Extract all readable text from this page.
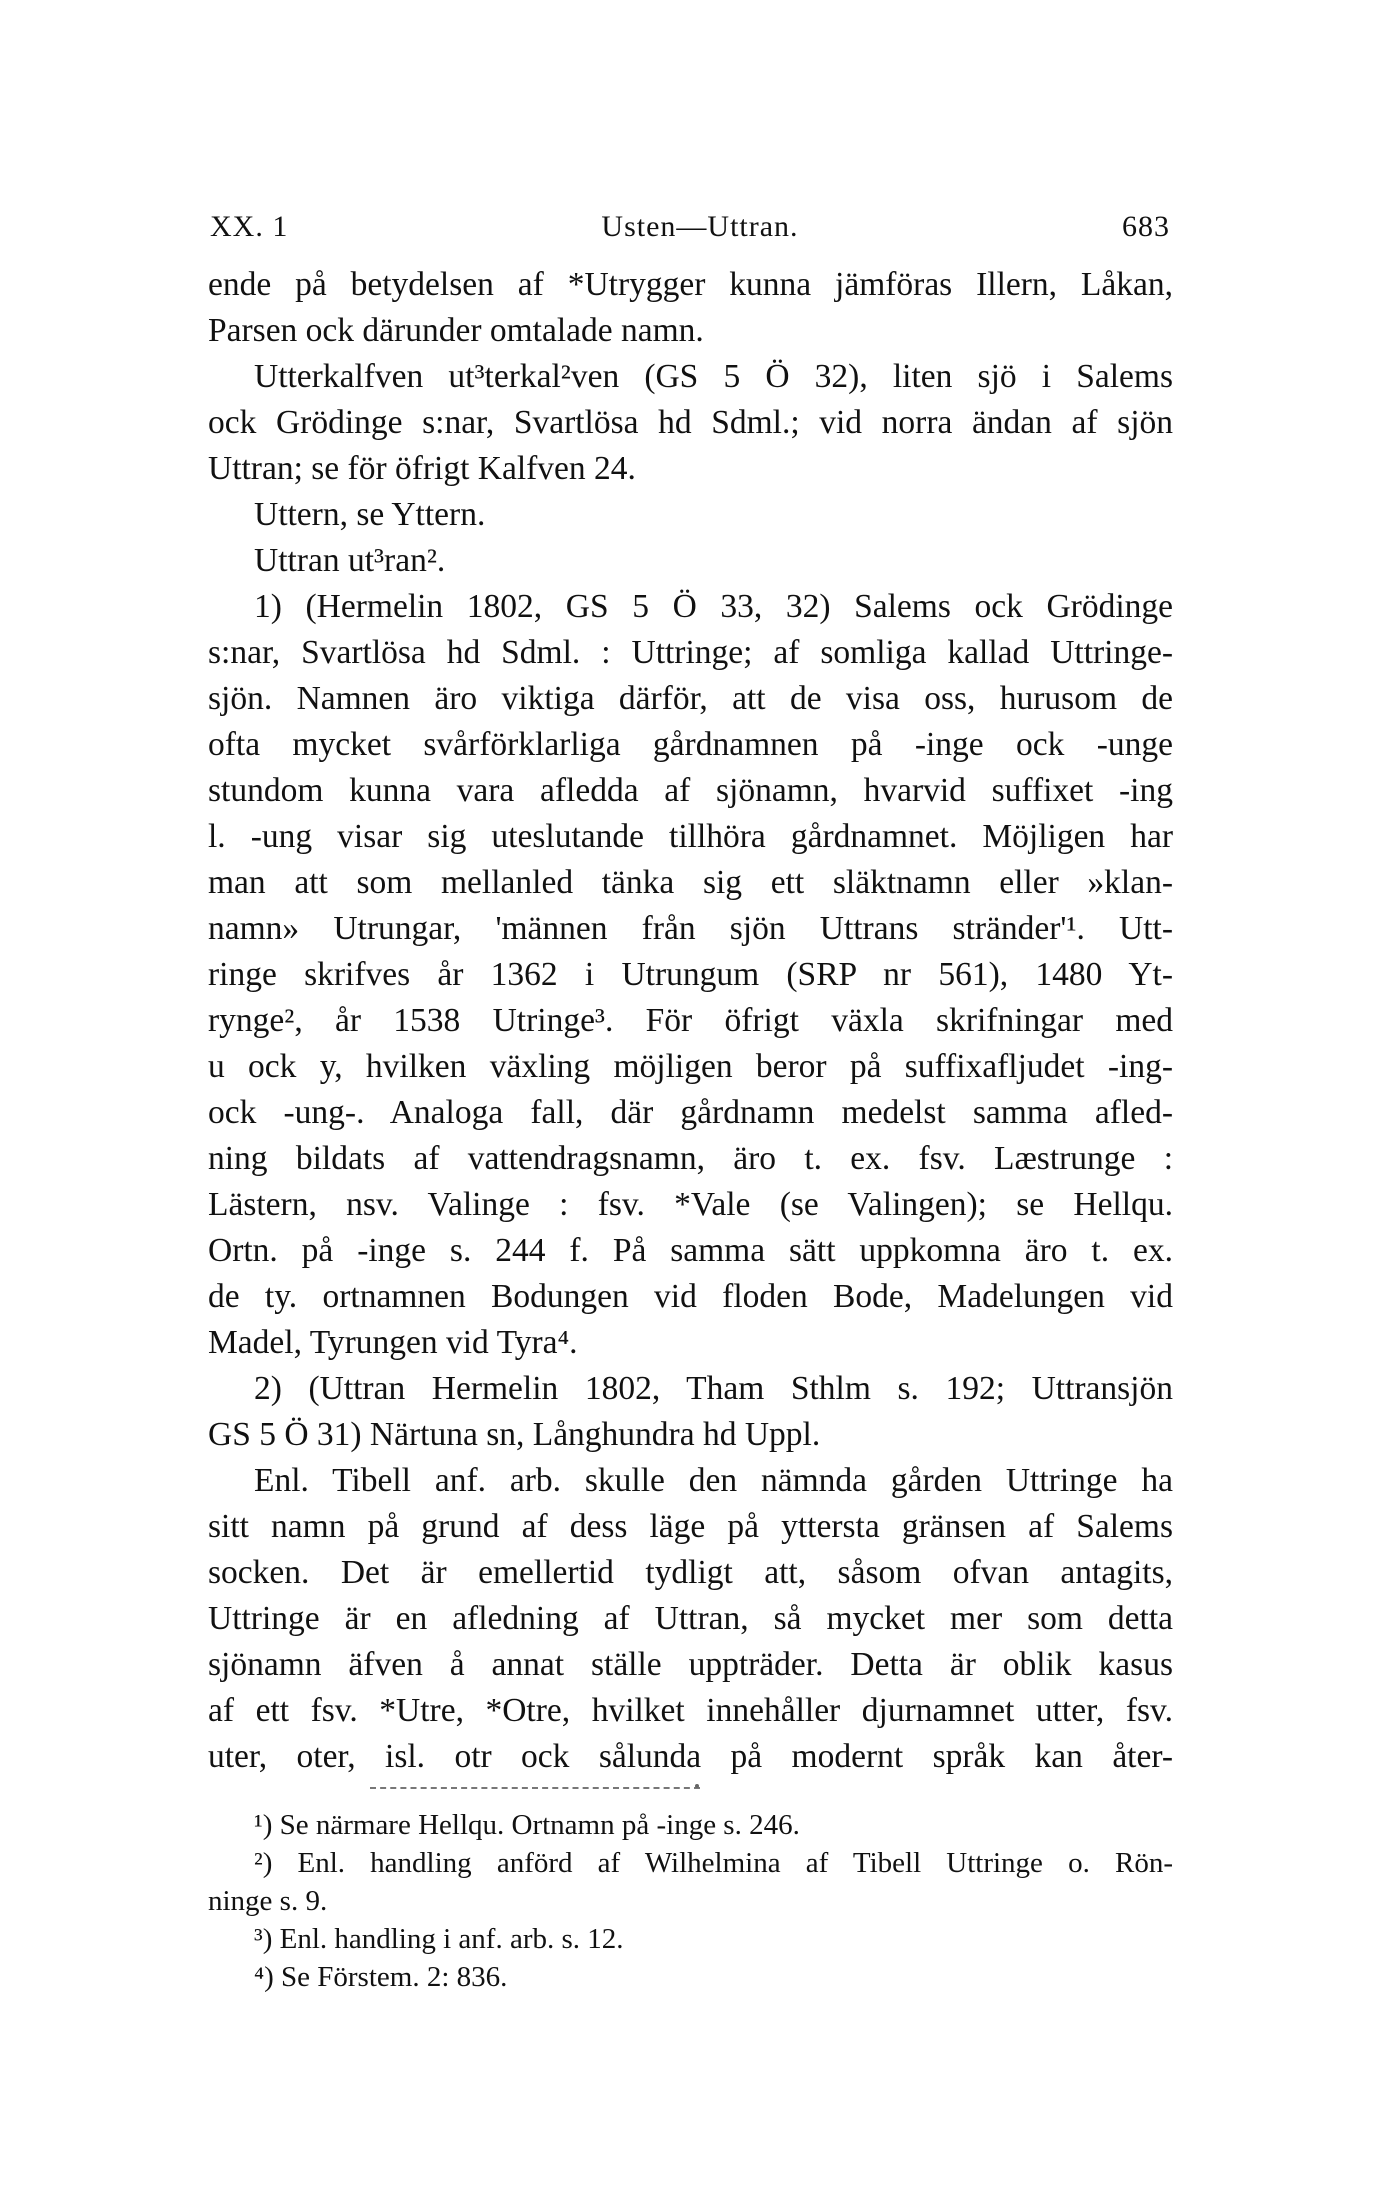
XX. 1	Usten—Uttran.	683
ende på betydelsen af *Utrygger kunna jämföras Illern, Låkan,
Parsen ock därunder omtalade namn.
Utterkalfven ut³terkal²ven (GS 5 Ö 32), liten sjö i Salems
ock Grödinge s:nar, Svartlösa hd Sdml.; vid norra ändan af sjön
Uttran; se för öfrigt Kalfven 24.
Uttern, se Yttern.
Uttran ut³ran².
1) (Hermelin 1802, GS 5 Ö 33, 32) Salems ock Grödinge
s:nar, Svartlösa hd Sdml. : Uttringe; af somliga kallad Uttringe-
sjön. Namnen äro viktiga därför, att de visa oss, hurusom de
ofta mycket svårförklarliga gårdnamnen på -inge ock -unge
stundom kunna vara afledda af sjönamn, hvarvid suffixet -ing
l. -ung visar sig uteslutande tillhöra gårdnamnet. Möjligen har
man att som mellanled tänka sig ett släktnamn eller »klan-
namn» Utrungar, 'männen från sjön Uttrans stränder'¹. Utt-
ringe skrifves år 1362 i Utrungum (SRP nr 561), 1480 Yt-
rynge², år 1538 Utringe³. För öfrigt växla skrifningar med
u ock y, hvilken växling möjligen beror på suffixafljudet -ing-
ock -ung-. Analoga fall, där gårdnamn medelst samma afled-
ning bildats af vattendragsnamn, äro t. ex. fsv. Læstrunge :
Lästern, nsv. Valinge : fsv. *Vale (se Valingen); se Hellqu.
Ortn. på -inge s. 244 f. På samma sätt uppkomna äro t. ex.
de ty. ortnamnen Bodungen vid floden Bode, Madelungen vid
Madel, Tyrungen vid Tyra⁴.
2) (Uttran Hermelin 1802, Tham Sthlm s. 192; Uttransjön
GS 5 Ö 31) Närtuna sn, Långhundra hd Uppl.
Enl. Tibell anf. arb. skulle den nämnda gården Uttringe ha
sitt namn på grund af dess läge på yttersta gränsen af Salems
socken. Det är emellertid tydligt att, såsom ofvan antagits,
Uttringe är en afledning af Uttran, så mycket mer som detta
sjönamn äfven å annat ställe uppträder. Detta är oblik kasus
af ett fsv. *Utre, *Otre, hvilket innehåller djurnamnet utter, fsv.
uter, oter, isl. otr ock sålunda på modernt språk kan åter-
¹) Se närmare Hellqu. Ortnamn på -inge s. 246.
²) Enl. handling anförd af Wilhelmina af Tibell Uttringe o. Rön-
ninge s. 9.
³) Enl. handling i anf. arb. s. 12.
⁴) Se Förstem. 2: 836.
